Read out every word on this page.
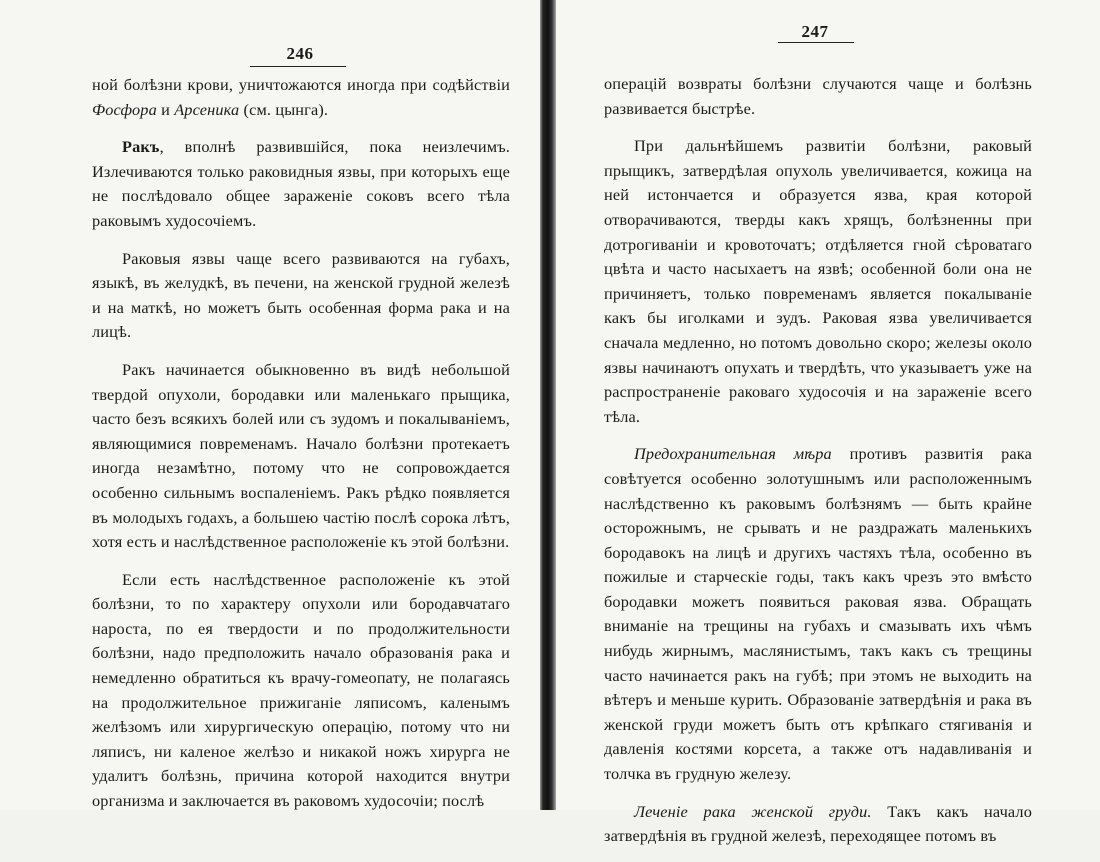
246

ной болѣзни крови, уничтожаются иногда при содѣйствіи Фосфора и Арсеника (см. цынга).

Ракъ, вполнѣ развившійся, пока неизлечимъ. Излечиваются только раковидныя язвы, при которыхъ еще не послѣдовало общее зараженіе соковъ всего тѣла раковымъ худосочіемъ.

Раковыя язвы чаще всего развиваются на губахъ, языкѣ, въ желудкѣ, въ печени, на женской грудной железѣ и на маткѣ, но можетъ быть особенная форма рака и на лицѣ.

Ракъ начинается обыкновенно въ видѣ небольшой твердой опухоли, бородавки или маленькаго прыщика, часто безъ всякихъ болей или съ зудомъ и покалываніемъ, являющимися повременамъ. Начало болѣзни протекаетъ иногда незамѣтно, потому что не сопровождается особенно сильнымъ воспаленіемъ. Ракъ рѣдко появляется въ молодыхъ годахъ, а большею частію послѣ сорока лѣтъ, хотя есть и наслѣдственное расположеніе къ этой болѣзни.

Если есть наслѣдственное расположеніе къ этой болѣзни, то по характеру опухоли или бородавчатаго нароста, по ея твердости и по продолжительности болѣзни, надо предположить начало образованія рака и немедленно обратиться къ врачу-гомеопату, не полагаясь на продолжительное прижиганіе ляписомъ, каленымъ желѣзомъ или хирургическую операцію, потому что ни ляписъ, ни каленое желѣзо и никакой ножъ хирурга не удалитъ болѣзнь, причина которой находится внутри организма и заключается въ раковомъ худосочіи; послѣ

247

операцій возвраты болѣзни случаются чаще и болѣзнь развивается быстрѣе.

При дальнѣйшемъ развитіи болѣзни, раковый прыщикъ, затвердѣлая опухоль увеличивается, кожица на ней истончается и образуется язва, края которой отворачиваются, тверды какъ хрящъ, болѣзненны при дотрогиваніи и кровоточатъ; отдѣляется гной сѣроватаго цвѣта и часто насыхаетъ на язвѣ; особенной боли она не причиняетъ, только повременамъ является покалываніе какъ бы иголками и зудъ. Раковая язва увеличивается сначала медленно, но потомъ довольно скоро; железы около язвы начинаютъ опухать и твердѣть, что указываетъ уже на распространеніе раковаго худосочія и на зараженіе всего тѣла.

Предохранительная мѣра противъ развитія рака совѣтуется особенно золотушнымъ или расположеннымъ наслѣдственно къ раковымъ болѣзнямъ — быть крайне осторожнымъ, не срывать и не раздражать маленькихъ бородавокъ на лицѣ и другихъ частяхъ тѣла, особенно въ пожилые и старческіе годы, такъ какъ чрезъ это вмѣсто бородавки можетъ появиться раковая язва. Обращать вниманіе на трещины на губахъ и смазывать ихъ чѣмъ нибудь жирнымъ, маслянистымъ, такъ какъ съ трещины часто начинается ракъ на губѣ; при этомъ не выходить на вѣтеръ и меньше курить. Образованіе затвердѣнія и рака въ женской груди можетъ быть отъ крѣпкаго стягиванія и давленія костями корсета, а также отъ надавливанія и толчка въ грудную железу.

Леченіе рака женской груди. Такъ какъ начало затвердѣнія въ грудной железѣ, переходящее потомъ въ
